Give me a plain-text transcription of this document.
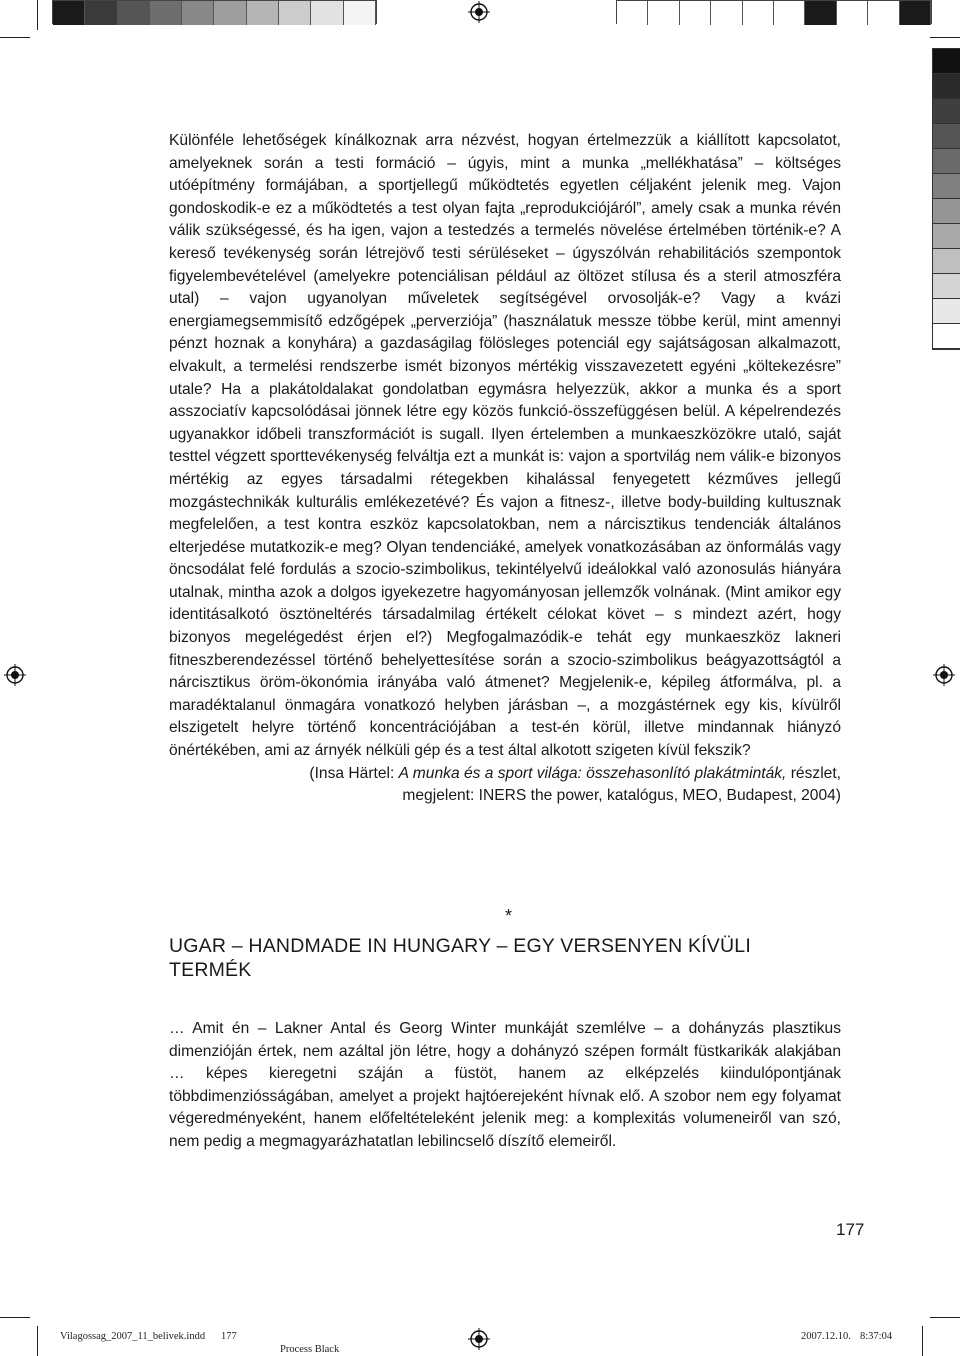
Különféle lehetőségek kínálkoznak arra nézvést, hogyan értelmezzük a kiállított kapcsolatot, amelyeknek során a testi formáció – úgyis, mint a munka „mellékhatása” – költséges utóépítmény formájában, a sportjellegű működtetés egyetlen céljaként jelenik meg. Vajon gondoskodik-e ez a működtetés a test olyan fajta „reprodukciójáról”, amely csak a munka révén válik szükségessé, és ha igen, vajon a testedzés a termelés növelése értelmében történik-e? A kereső tevékenység során létrejövő testi sérüléseket – úgyszólván rehabilitációs szempontok figyelembevételével (amelyekre potenciálisan például az öltözet stílusa és a steril atmoszféra utal) – vajon ugyanolyan műveletek segítségével orvosolják-e? Vagy a kvázi energiamegsemmisítő edzőgépek „perverziója” (használatuk messze többe kerül, mint amennyi pénzt hoznak a konyhára) a gazdaságilag fölösleges potenciál egy sajátságosan alkalmazott, elvakult, a termelési rendszerbe ismét bizonyos mértékig visszavezetett egyéni „költekezésre” utale? Ha a plakátoldalakat gondolatban egymásra helyezzük, akkor a munka és a sport asszociatív kapcsolódásai jönnek létre egy közös funkció-összefüggésen belül. A képelrendezés ugyanakkor időbeli transzformációt is sugall. Ilyen értelemben a munkaeszközökre utaló, saját testtel végzett sporttevékenység felváltja ezt a munkát is: vajon a sportvilág nem válik-e bizonyos mértékig az egyes társadalmi rétegekben kihalással fenyegetett kézműves jellegű mozgástechnikák kulturális emlékezetévé? És vajon a fitnesz-, illetve body-building kultusznak megfelelően, a test kontra eszköz kapcsolatokban, nem a nárcisztikus tendenciák általános elterjedése mutatkozik-e meg? Olyan tendenciáké, amelyek vonatkozásában az önformálás vagy öncsodálat felé fordulás a szocio-szimbolikus, tekintélyelvű ideálokkal való azonosulás hiányára utalnak, mintha azok a dolgos igyekezetre hagyományosan jellemzők volnának. (Mint amikor egy identitásalkotó ösztöneltérés társadalmilag értékelt célokat követ – s mindezt azért, hogy bizonyos megelégedést érjen el?) Megfogalmazódik-e tehát egy munkaeszköz lakneri fitneszberendezéssel történő behelyettesítése során a szocio-szimbolikus beágyazottságtól a nárcisztikus öröm-ökonómia irányába való átmenet? Megjelenik-e, képileg átformálva, pl. a maradéktalanul önmagára vonatkozó helyben járásban –, a mozgástérnek egy kis, kívülről elszigetelt helyre történő koncentrációjában a test-én körül, illetve mindannak hiányzó önértékében, ami az árnyék nélküli gép és a test által alkotott szigeten kívül fekszik?

(Insa Härtel: A munka és a sport világa: összehasonlító plakátminták, részlet,

megjelent: INERS the power, katalógus, MEO, Budapest, 2004)

*
UGAR – HANDMADE IN HUNGARY – EGY VERSENYEN KÍVÜLI
TERMÉK

… Amit én – Lakner Antal és Georg Winter munkáját szemlélve – a dohányzás plasztikus dimenzióján értek, nem azáltal jön létre, hogy a dohányzó szépen formált füstkarikák alakjában … képes kieregetni száján a füstöt, hanem az elképzelés kiindulópontjának többdimenziósságában, amelyet a projekt hajtóerejeként hívnak elő. A szobor nem egy folyamat végeredményeként, hanem előfeltételeként jelenik meg: a komplexitás volumeneiről van szó, nem pedig a megmagyarázhatatlan lebilincselő díszítő elemeiről.

177
Vilagossag_2007_11_belivek.indd 177
Process Black
2007.12.10. 8:37:04
